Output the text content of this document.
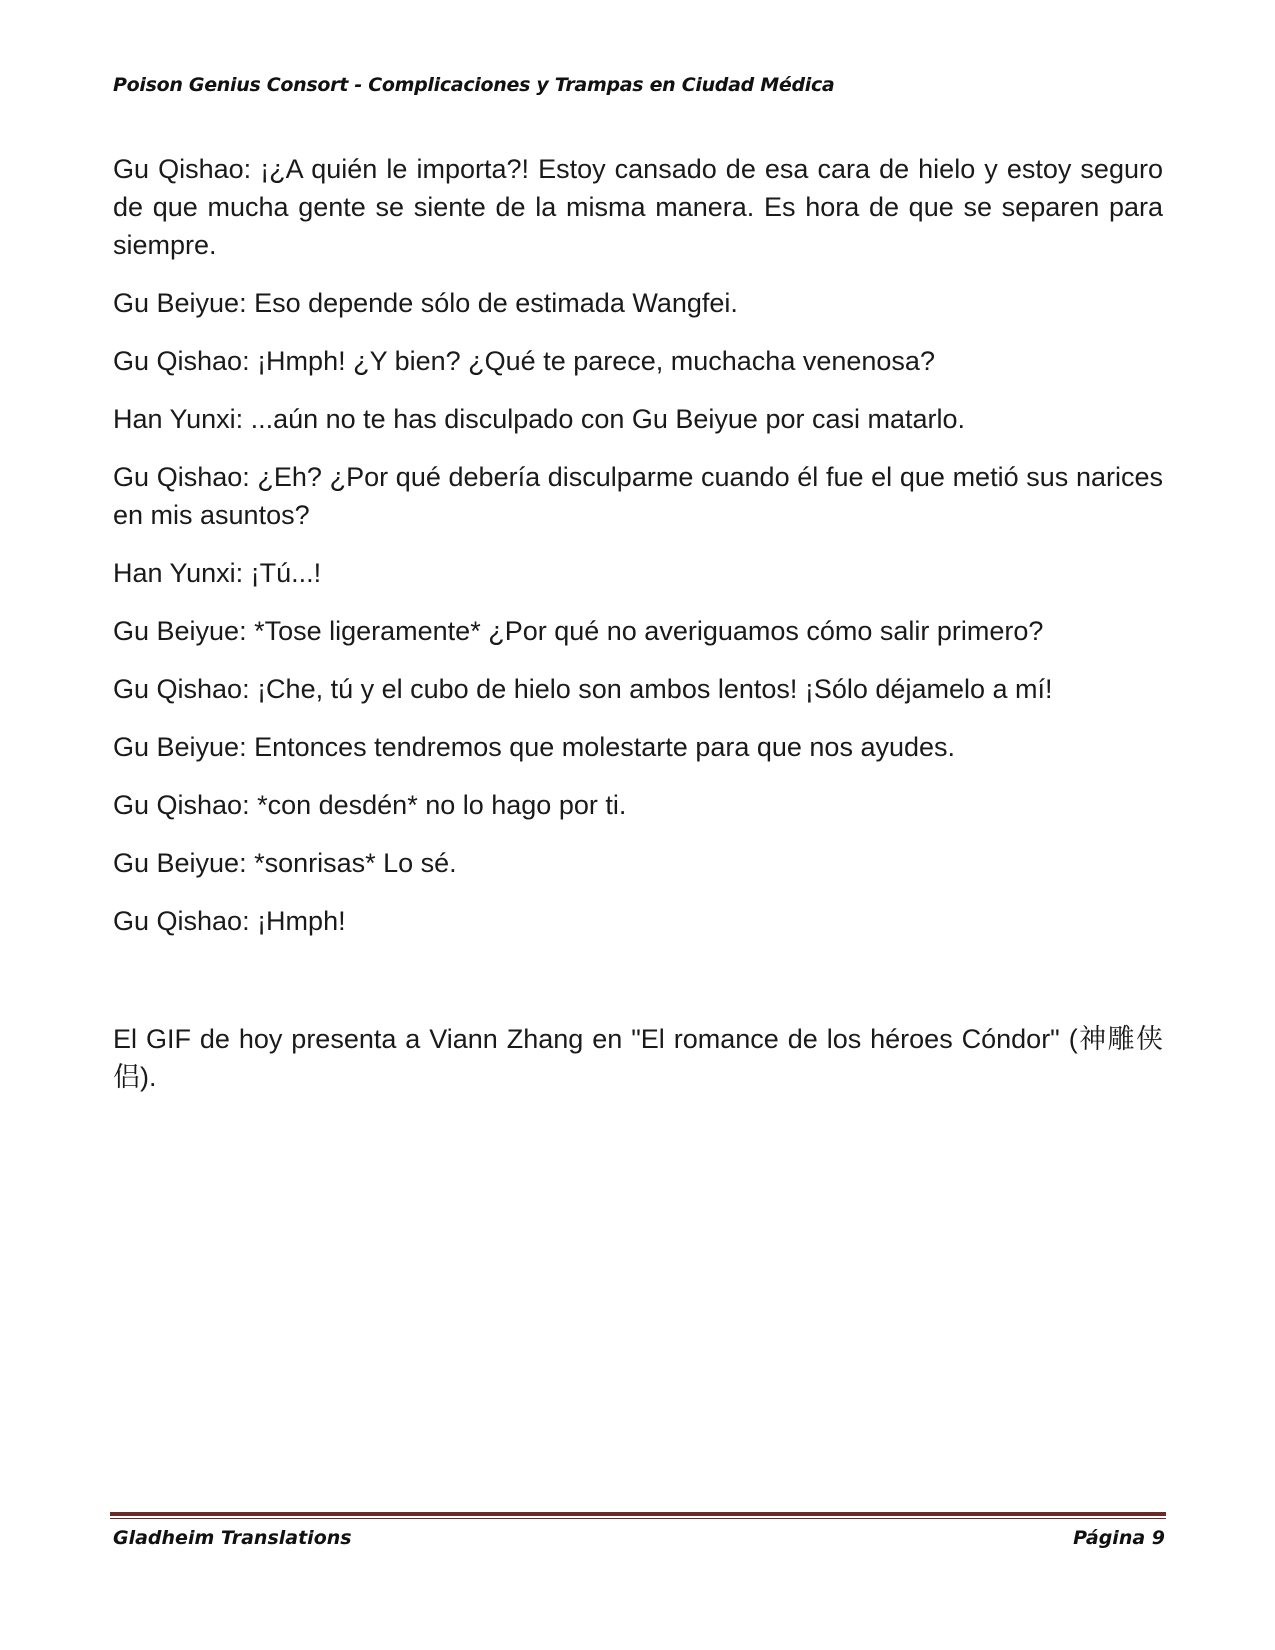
Poison Genius Consort - Complicaciones y Trampas en Ciudad Médica

Gu Qishao: ¡¿A quién le importa?! Estoy cansado de esa cara de hielo y estoy seguro de que mucha gente se siente de la misma manera. Es hora de que se separen para siempre.

Gu Beiyue: Eso depende sólo de estimada Wangfei.

Gu Qishao: ¡Hmph! ¿Y bien? ¿Qué te parece, muchacha venenosa?

Han Yunxi: ...aún no te has disculpado con Gu Beiyue por casi matarlo.

Gu Qishao: ¿Eh? ¿Por qué debería disculparme cuando él fue el que metió sus narices en mis asuntos?

Han Yunxi: ¡Tú...!

Gu Beiyue: *Tose ligeramente* ¿Por qué no averiguamos cómo salir primero?

Gu Qishao: ¡Che, tú y el cubo de hielo son ambos lentos! ¡Sólo déjamelo a mí!

Gu Beiyue: Entonces tendremos que molestarte para que nos ayudes.

Gu Qishao: *con desdén* no lo hago por ti.

Gu Beiyue: *sonrisas* Lo sé.

Gu Qishao: ¡Hmph!

El GIF de hoy presenta a Viann Zhang en "El romance de los héroes Cóndor" (神雕侠侣).

Gladheim Translations	Página 9
